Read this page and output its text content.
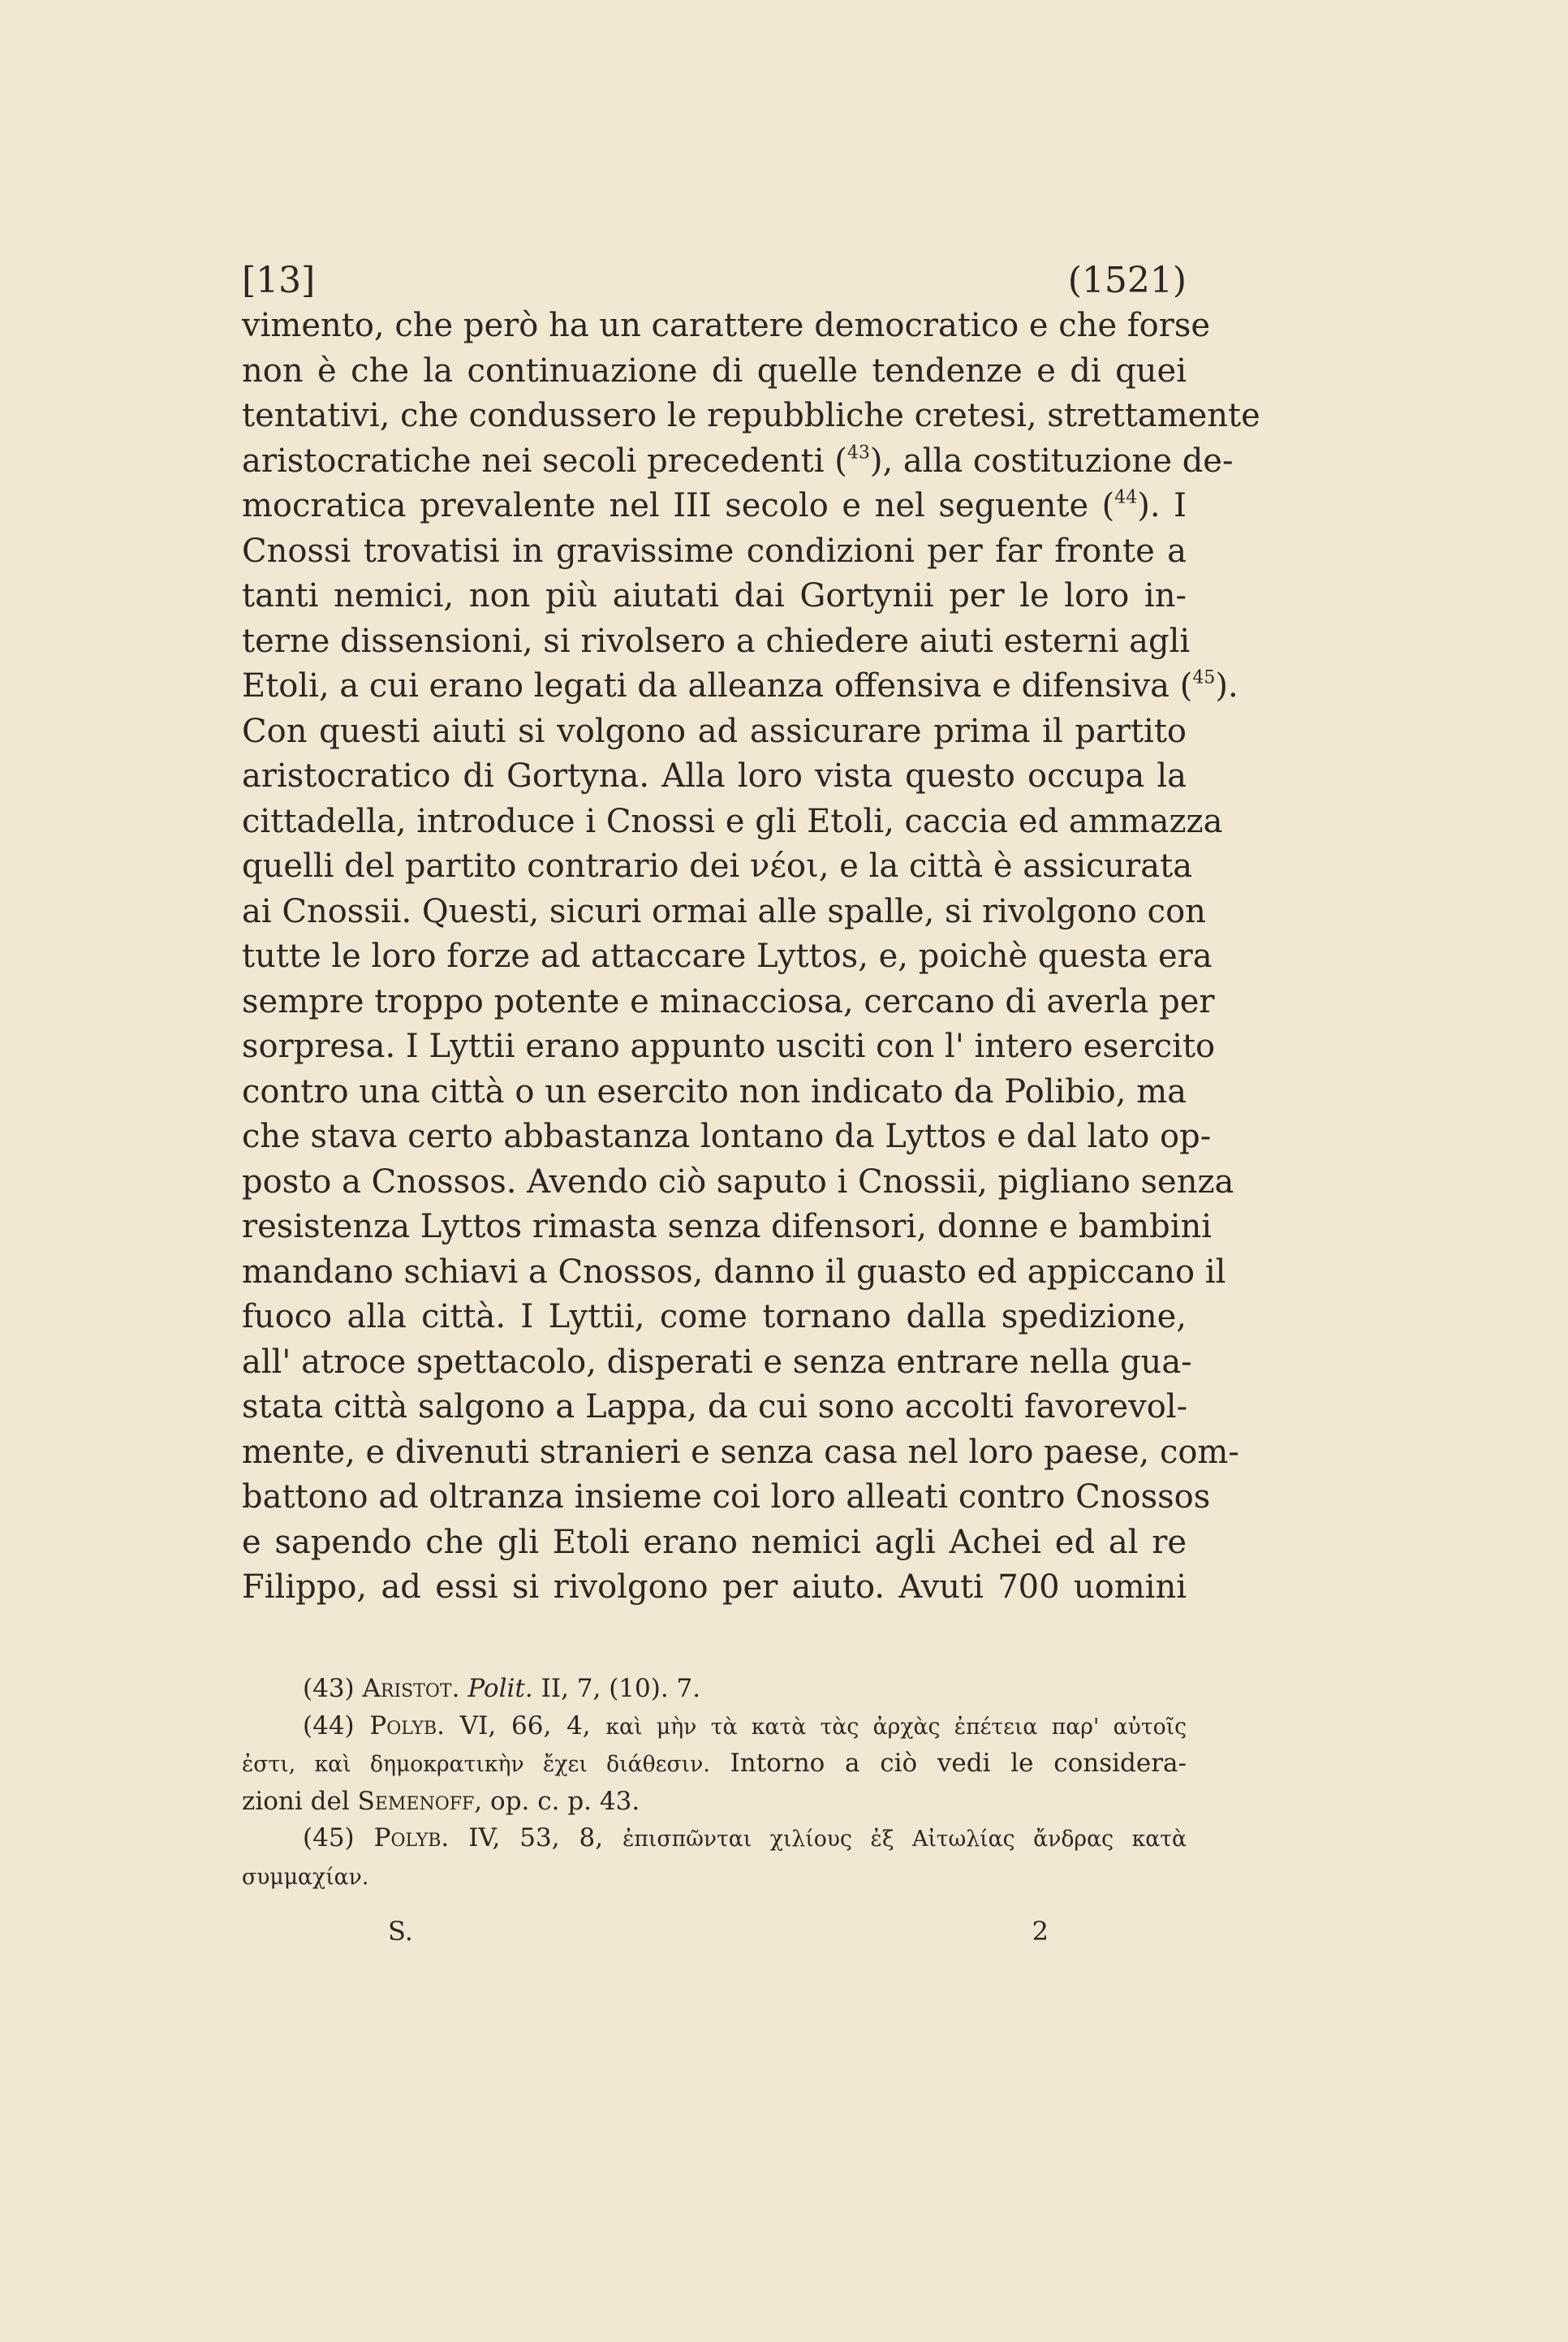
[13]	(1521)
vimento, che però ha un carattere democratico e che forse
non è che la continuazione di quelle tendenze e di quei
tentativi, che condussero le repubbliche cretesi, strettamente
aristocratiche nei secoli precedenti ($^{43}$), alla costituzione de-
mocratica prevalente nel III secolo e nel seguente ($^{44}$). I
Cnossi trovatisi in gravissime condizioni per far fronte a
tanti nemici, non più aiutati dai Gortynii per le loro in-
terne dissensioni, si rivolsero a chiedere aiuti esterni agli
Etoli, a cui erano legati da alleanza offensiva e difensiva ($^{45}$).
Con questi aiuti si volgono ad assicurare prima il partito
aristocratico di Gortyna. Alla loro vista questo occupa la
cittadella, introduce i Cnossi e gli Etoli, caccia ed ammazza
quelli del partito contrario dei νέοι, e la città è assicurata
ai Cnossii. Questi, sicuri ormai alle spalle, si rivolgono con
tutte le loro forze ad attaccare Lyttos, e, poichè questa era
sempre troppo potente e minacciosa, cercano di averla per
sorpresa. I Lyttii erano appunto usciti con l' intero esercito
contro una città o un esercito non indicato da Polibio, ma
che stava certo abbastanza lontano da Lyttos e dal lato op-
posto a Cnossos. Avendo ciò saputo i Cnossii, pigliano senza
resistenza Lyttos rimasta senza difensori, donne e bambini
mandano schiavi a Cnossos, danno il guasto ed appiccano il
fuoco alla città. I Lyttii, come tornano dalla spedizione,
all' atroce spettacolo, disperati e senza entrare nella gua-
stata città salgono a Lappa, da cui sono accolti favorevol-
mente, e divenuti stranieri e senza casa nel loro paese, com-
battono ad oltranza insieme coi loro alleati contro Cnossos
e sapendo che gli Etoli erano nemici agli Achei ed al re
Filippo, ad essi si rivolgono per aiuto. Avuti 700 uomini
(43) Aristot. Polit. II, 7, (10). 7.
(44) Polyb. VI, 66, 4, καὶ μὴν τὰ κατὰ τὰς ἀρχὰς ἐπέτεια παρ' αὐτοῖς
ἐστι, καὶ δημοκρατικὴν ἔχει διάθεσιν. Intorno a ciò vedi le considera-
zioni del Semenoff, op. c. p. 43.
(45) Polyb. IV, 53, 8, ἐπισπῶνται χιλίους ἐξ Αἰτωλίας ἄνδρας κατὰ
συμμαχίαν.
S.	2
